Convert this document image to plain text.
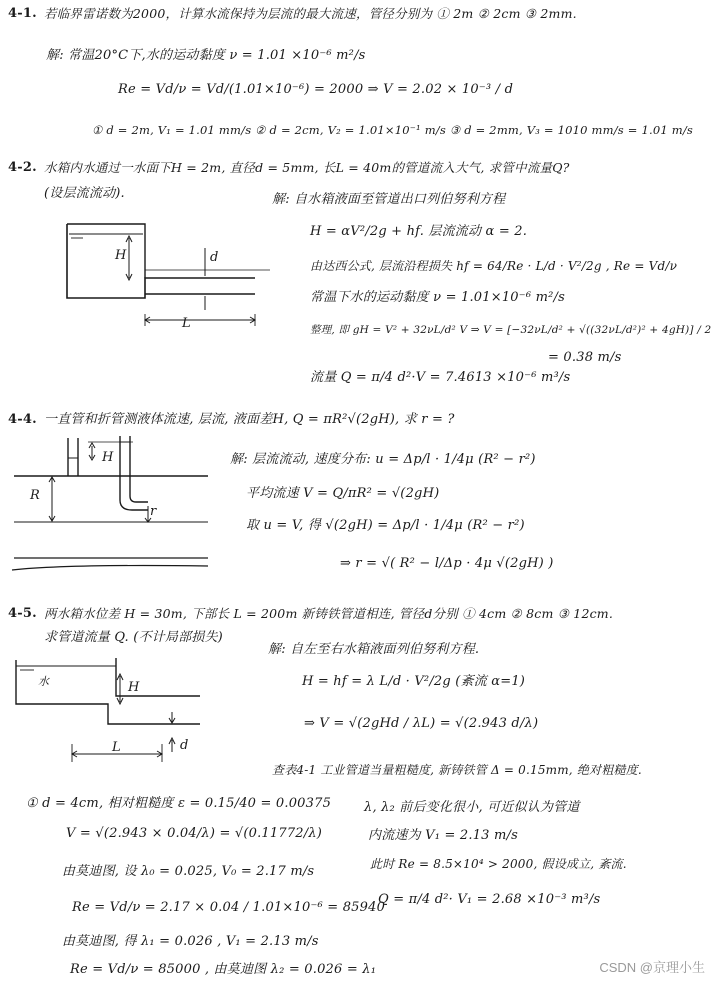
4-1. 若临界雷诺数为2000，计算水流保持为层流的最大流速，管径分别为 ① 2m ② 2cm ③ 2mm.
解: 常温20°C下,水的运动黏度 ν = 1.01 ×10⁻⁶ m²/s
Re = Vd/ν = Vd/(1.01×10⁻⁶) = 2000 ⇒ V = 2.02 × 10⁻³ / d
① d = 2m, V₁ = 1.01 mm/s ② d = 2cm, V₂ = 1.01×10⁻¹ m/s ③ d = 2mm, V₃ = 1010 mm/s = 1.01 m/s
4-2. 水箱内水通过一水面下H = 2m, 直径d = 5mm, 长L = 40m的管道流入大气, 求管中流量Q?
(设层流流动).
H	d
L
解: 自水箱液面至管道出口列伯努利方程
H = αV²/2g + hf. 层流流动 α = 2.
由达西公式, 层流沿程损失 hf = 64/Re · L/d · V²/2g , Re = Vd/ν
常温下水的运动黏度 ν = 1.01×10⁻⁶ m²/s
整理, 即 gH = V² + 32νL/d² V ⇒ V = [−32νL/d² + √((32νL/d²)² + 4gH)] / 2
= 0.38 m/s
流量 Q = π/4 d²·V = 7.4613 ×10⁻⁶ m³/s
4-4. 一直管和折管测液体流速, 层流, 液面差H, Q = πR²√(2gH), 求 r = ?
H
R
r
解: 层流流动, 速度分布: u = Δp/l · 1/4μ (R² − r²)
平均流速 V = Q/πR² = √(2gH)
取 u = V, 得 √(2gH) = Δp/l · 1/4μ (R² − r²)
⇒ r = √( R² − l/Δp · 4μ √(2gH) )
4-5. 两水箱水位差 H = 30m, 下部长 L = 200m 新铸铁管道相连, 管径d分别 ① 4cm ② 8cm ③ 12cm.
求管道流量 Q. (不计局部损失)
水	H
d
L
解: 自左至右水箱液面列伯努利方程.
H = hf = λ L/d · V²/2g (紊流 α=1)
⇒ V = √(2gHd / λL) = √(2.943 d/λ)
查表4-1 工业管道当量粗糙度, 新铸铁管 Δ = 0.15mm, 绝对粗糙度.
① d = 4cm, 相对粗糙度 ε = 0.15/40 = 0.00375
V = √(2.943 × 0.04/λ) = √(0.11772/λ)
由莫迪图, 设 λ₀ = 0.025, V₀ = 2.17 m/s
Re = Vd/ν = 2.17 × 0.04 / 1.01×10⁻⁶ = 85940
由莫迪图, 得 λ₁ = 0.026 , V₁ = 2.13 m/s
Re = Vd/ν = 85000 , 由莫迪图 λ₂ = 0.026 = λ₁
λ, λ₂ 前后变化很小, 可近似认为管道
内流速为 V₁ = 2.13 m/s
此时 Re = 8.5×10⁴ > 2000, 假设成立, 紊流.
Q = π/4 d²· V₁ = 2.68 ×10⁻³ m³/s
CSDN @京理小生
